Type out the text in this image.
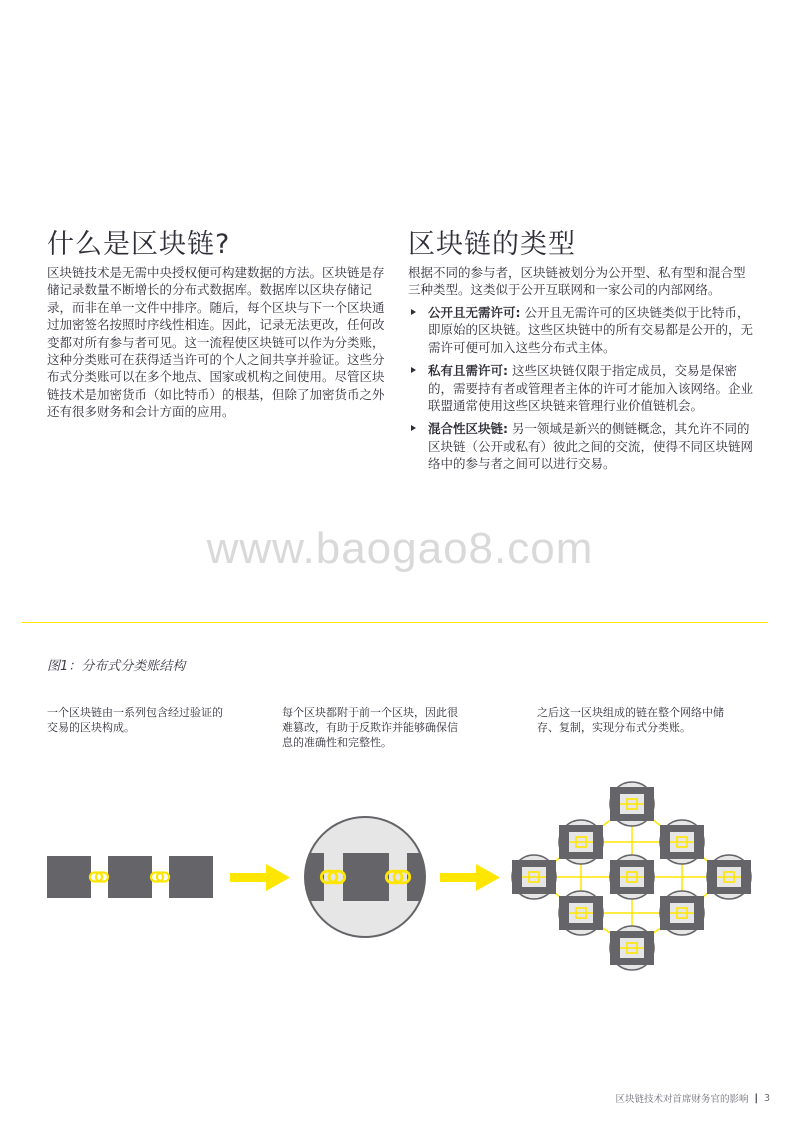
什么是区块链?	区块链的类型

区块链技术是无需中央授权便可构建数据的方法。区块链是存储记录数量不断增长的分布式数据库。数据库以区块存储记录，而非在单一文件中排序。随后，每个区块与下一个区块通过加密签名按照时序线性相连。因此，记录无法更改，任何改变都对所有参与者可见。这一流程使区块链可以作为分类账，这种分类账可在获得适当许可的个人之间共享并验证。这些分布式分类账可以在多个地点、国家或机构之间使用。尽管区块链技术是加密货币（如比特币）的根基，但除了加密货币之外还有很多财务和会计方面的应用。

根据不同的参与者，区块链被划分为公开型、私有型和混合型三种类型。这类似于公开互联网和一家公司的内部网络。

公开且无需许可: 公开且无需许可的区块链类似于比特币，即原始的区块链。这些区块链中的所有交易都是公开的，无需许可便可加入这些分布式主体。
私有且需许可: 这些区块链仅限于指定成员，交易是保密的，需要持有者或管理者主体的许可才能加入该网络。企业联盟通常使用这些区块链来管理行业价值链机会。
混合性区块链: 另一领域是新兴的侧链概念，其允许不同的区块链（公开或私有）彼此之间的交流，使得不同区块链网络中的参与者之间可以进行交易。
www.baogao8.com
图1：分布式分类账结构

一个区块链由一系列包含经过验证的交易的区块构成。

每个区块都附于前一个区块，因此很难篡改，有助于反欺诈并能够确保信息的准确性和完整性。

之后这一区块组成的链在整个网络中储存、复制，实现分布式分类账。

区块链技术对首席财务官的影响 | 3
